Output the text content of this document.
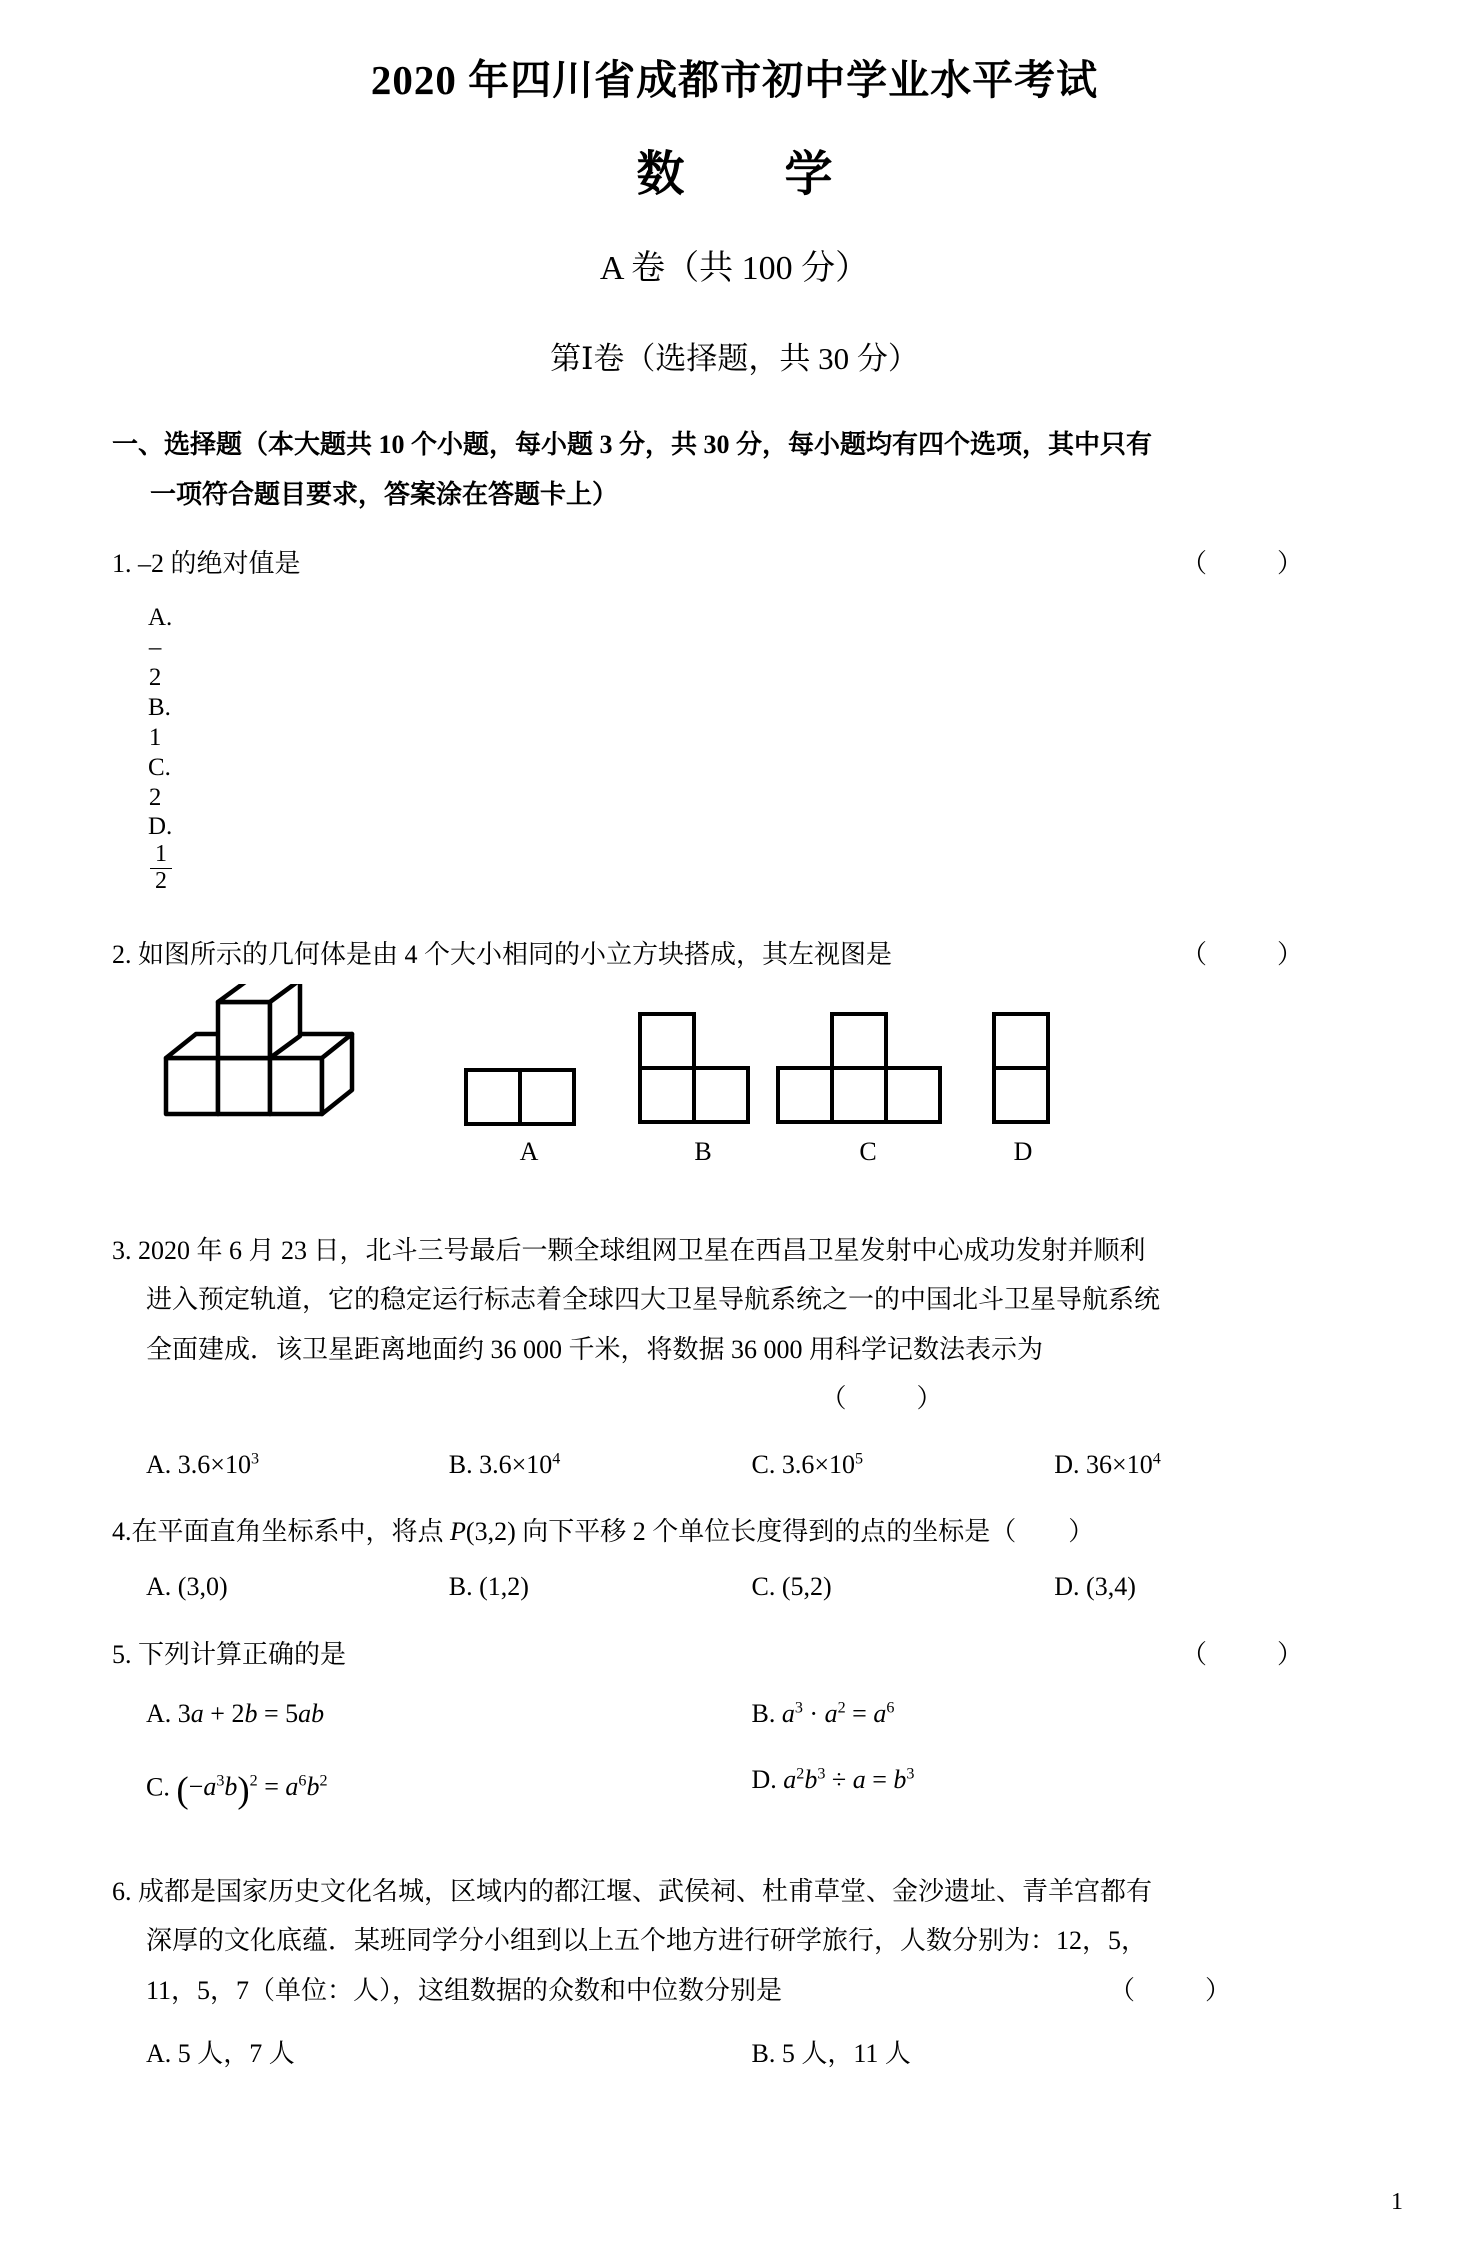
2020 年四川省成都市初中学业水平考试
数　学
A 卷（共 100 分）
第Ⅰ卷（选择题，共 30 分）
一、选择题（本大题共 10 个小题，每小题 3 分，共 30 分，每小题均有四个选项，其中只有
一项符合题目要求，答案涂在答题卡上）
1. –2 的绝对值是	（　　）
A. –2
B. 1
C. 2
D.
$\frac{1}{2}$
2. 如图所示的几何体是由 4 个大小相同的小立方块搭成，其左视图是	（　　）
A	B	C	D
3. 2020 年 6 月 23 日，北斗三号最后一颗全球组网卫星在西昌卫星发射中心成功发射并顺利
进入预定轨道，它的稳定运行标志着全球四大卫星导航系统之一的中国北斗卫星导航系统
全面建成．该卫星距离地面约 36 000 千米，将数据 36 000 用科学记数法表示为
（　　）
A. $3.6\times 10^3$	B. $3.6\times 10^4$	C. $3.6\times 10^5$	D. $36\times 10^4$
4.在平面直角坐标系中，将点 P(3,2) 向下平移 2 个单位长度得到的点的坐标是（　　）
A. (3,0)	B. (1,2)	C. (5,2)	D. (3,4)
5. 下列计算正确的是	（　　）
A. 3a + 2b = 5ab	B. $a^3 \cdot a^2 = a^6$
C. $(-a^3b)^2 = a^6b^2$	D. $a^2b^3 \div a = b^3$
6. 成都是国家历史文化名城，区域内的都江堰、武侯祠、杜甫草堂、金沙遗址、青羊宫都有
深厚的文化底蕴．某班同学分小组到以上五个地方进行研学旅行，人数分别为：12，5，
11，5，7（单位：人），这组数据的众数和中位数分别是	（　　）
A. 5 人，7 人	B. 5 人，11 人
1
